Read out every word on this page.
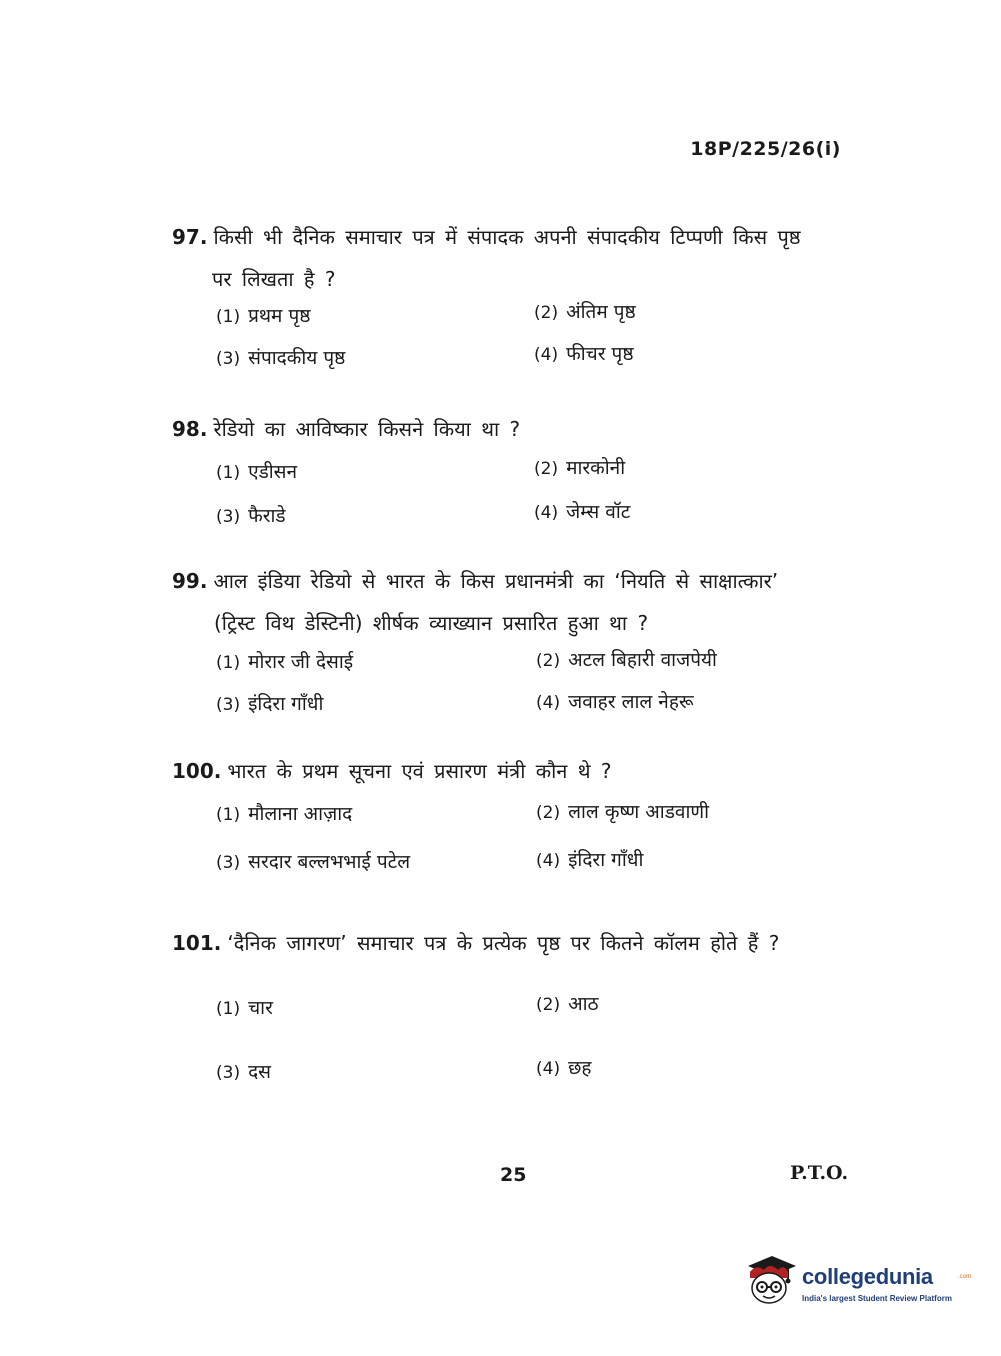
18P/225/26(i)
97. किसी भी दैनिक समाचार पत्र में संपादक अपनी संपादकीय टिप्पणी किस पृष्ठ
पर लिखता है ?
(1) प्रथम पृष्ठ	(2) अंतिम पृष्ठ
(3) संपादकीय पृष्ठ	(4) फीचर पृष्ठ
98. रेडियो का आविष्कार किसने किया था ?
(1) एडीसन	(2) मारकोनी
(3) फैराडे	(4) जेम्स वॉट
99. आल इंडिया रेडियो से भारत के किस प्रधानमंत्री का ‘नियति से साक्षात्कार’
(ट्रिस्ट विथ डेस्टिनी) शीर्षक व्याख्यान प्रसारित हुआ था ?
(1) मोरार जी देसाई	(2) अटल बिहारी वाजपेयी
(3) इंदिरा गाँधी	(4) जवाहर लाल नेहरू
100. भारत के प्रथम सूचना एवं प्रसारण मंत्री कौन थे ?
(1) मौलाना आज़ाद	(2) लाल कृष्ण आडवाणी
(3) सरदार बल्लभभाई पटेल	(4) इंदिरा गाँधी
101. ‘दैनिक जागरण’ समाचार पत्र के प्रत्येक पृष्ठ पर कितने कॉलम होते हैं ?
(1) चार	(2) आठ
(3) दस	(4) छह
25	P.T.O.
collegedunia	.com
India's largest Student Review Platform
